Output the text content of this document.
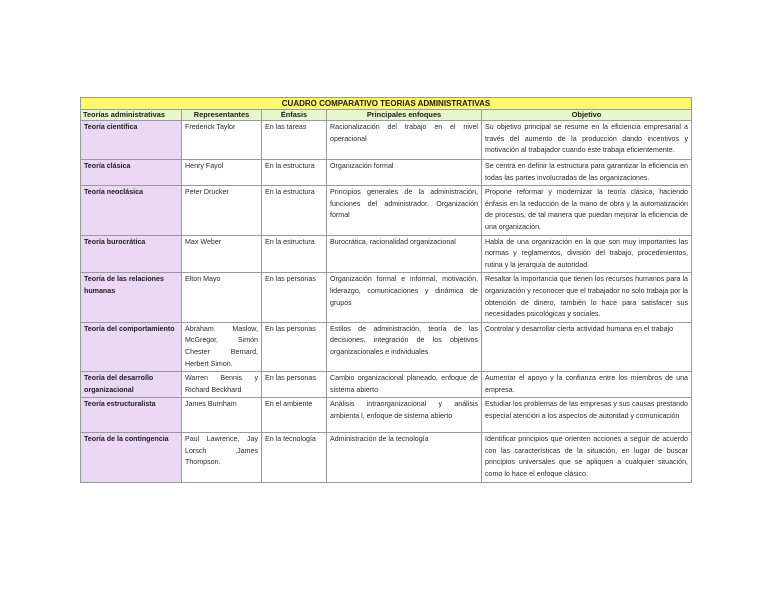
CUADRO COMPARATIVO TEORIAS ADMINISTRATIVAS				
Teorías administrativas	Representantes	Énfasis	Principales enfoques	Objetivo
Teoría científica	Frederick Taylor	En las tareas	Racionalización del trabajo en el nivel operacional	Su objetivo principal se resume en la eficiencia empresarial a través del aumento de la producción dando incentivos y motivación al trabajador cuando éste trabaja eficientemente.
Teoría clásica	Henry Fayol	En la estructura	Organización formal	Se centra en definir la estructura para garantizar la eficiencia en todas las partes involucradas de las organizaciones.
Teoría neoclásica	Peter Drucker	En la estructura	Principios generales de la administración, funciones del administrador. Organización formal	Propone reformar y modernizar la teoría clásica, haciendo énfasis en la reducción de la mano de obra y la automatización de procesos, de tal manera que puedan mejorar la eficiencia de una organización.
Teoría burocrática	Max Weber	En la estructura	Burocrática, racionalidad organizacional	Habla de una organización en la que son muy importantes las normas y reglamentos, división del trabajo, procedimientos, rutina y la jerarquía de autoridad.
Teoría de las relaciones humanas	Elton Mayo	En las personas	Organización formal e informal, motivación, liderazgo, comunicaciones y dinámica de grupos	Resaltar la importancia que tienen los recursos humanos para la organización y reconocer que el trabajador no solo trabaja por la obtención de dinero, también lo hace para satisfacer sus necesidades psicológicas y sociales.
Teoría del comportamiento	Abraham Maslow, McGregor, Simón Chester Bernard, Herbert Simon.	En las personas	Estilos de administración, teoría de las decisiones, integración de los objetivos organizacionales e individuales	Controlar y desarrollar cierta actividad humana en el trabajo
Teoría del desarrollo organizacional	Warren Bennis y Richard Beckhard	En las personas	Cambio organizacional planeado, enfoque de sistema abierto	Aumentar el apoyo y la confianza entre los miembros de una empresa.
Teoría estructuralista	James Burnham	En el ambiente	Análisis intraorganizacional y análisis ambienta l, enfoque de sistema abierto	Estudiar los problemas de las empresas y sus causas prestando especial atención a los aspectos de autoridad y comunicación
Teoría de la contingencia	Paul Lawrence, Jay Lorsch ,James Thompson.	En la tecnología	Administración de la tecnología	Identificar principios que orienten acciones a seguir de acuerdo con las características de la situación, en lugar de buscar principios universales que se apliquen a cualquier situación, como lo hace el enfoque clásico.
